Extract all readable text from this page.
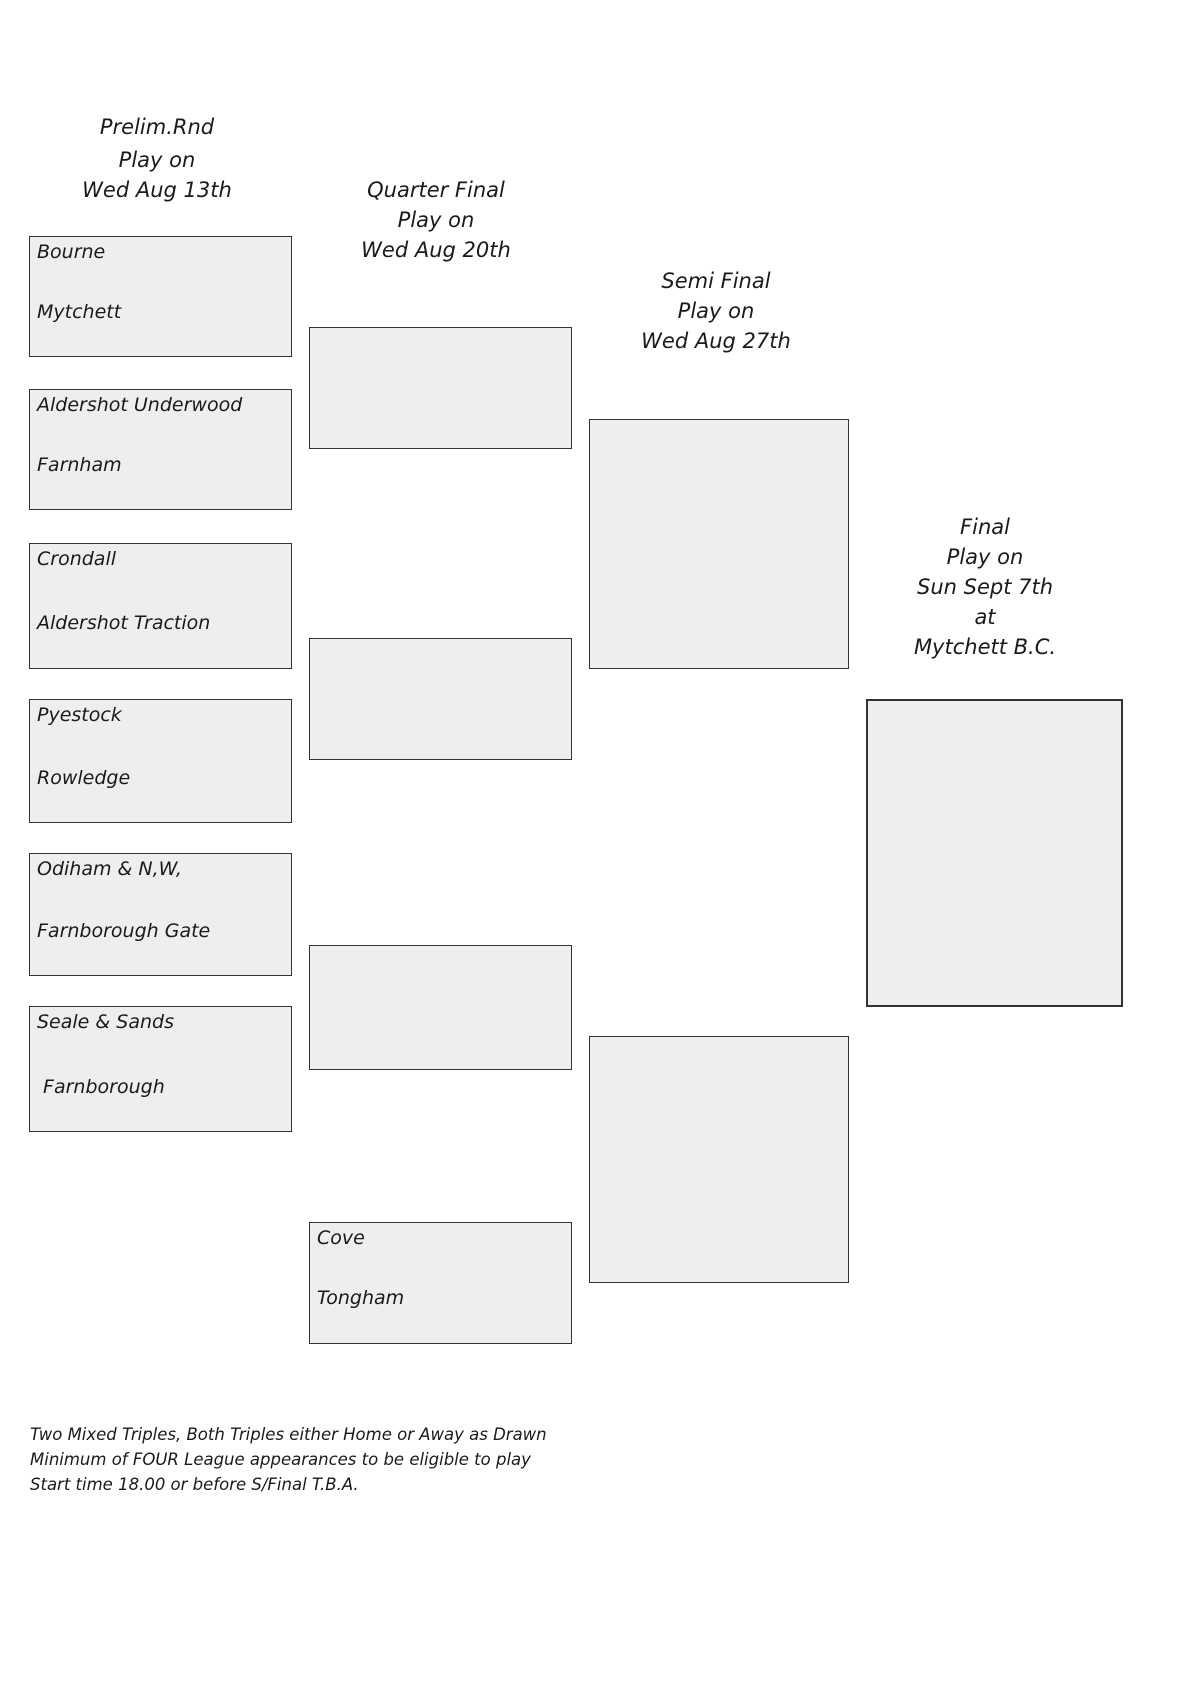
Prelim.Rnd
Play on
Wed Aug 13th	Quarter Final
Play on
Wed Aug 20th
Semi Final
Play on
Wed Aug 27th
Final
Play on
Sun Sept 7th
at
Mytchett B.C.
Bourne
Mytchett
Aldershot Underwood
Farnham
Crondall
Aldershot Traction
Pyestock
Rowledge
Odiham & N,W,
Farnborough Gate
Seale & Sands
Farnborough
Cove
Tongham
Two Mixed Triples, Both Triples either Home or Away as Drawn
Minimum of FOUR League appearances to be eligible to play
Start time 18.00 or before S/Final T.B.A.
